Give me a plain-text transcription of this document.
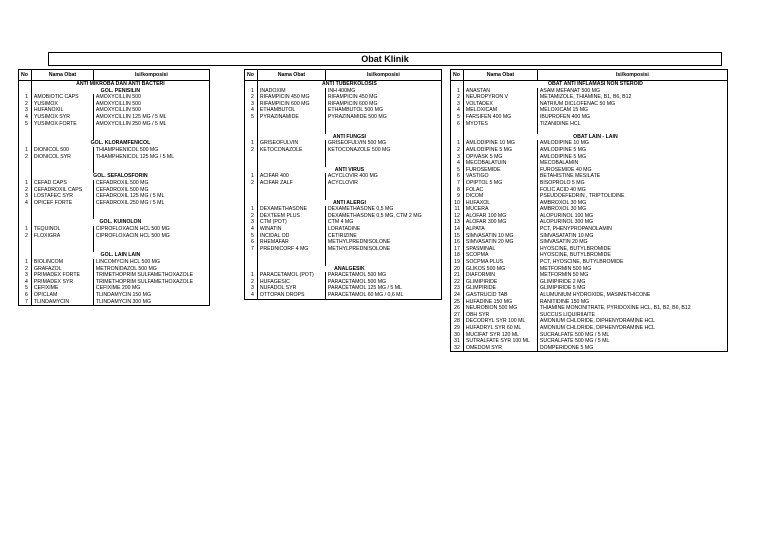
Obat Klinik
No	Nama Obat	Isi/komposisi
	ANTI MIKROBA DAN ANTI BACTERI	
	GOL. PENISILIN	
1	AMOBIOTIC CAPS	AMOXYCILLIN 500
2	YUSIMOX	AMOXYCILLIN 500
3	HUFANOXIL	AMOXYCILLIN 500
4	YUSIMOX SYR	AMOXYCILLIN 125 MG / 5 ML
5	YUSIMOX FORTE	AMOXYCILLIN 250 MG / 5 ML

	GOL. KLORAMFENICOL	
1	DIONICOL 500	THIAMPHENICOL 500 MG
2	DIONICOL SYR	THIAMPHENICOL 125 MG / 5 ML

	GOL. SEFALOSFORIN	
1	CEFAD CAPS	CEFADROXIL 500 MG
2	CEFADROXIL CAPS	CEFADROXIL 500 MG
3	LOSTAFEC SYR	CEFADROXIL 125 MG / 5 ML
4	OPICEF FORTE	CEFADROXIL 250 MG / 5 ML

	GOL. KUINOLON	
1	TEQUINOL	CIPROFLOXACIN HCL 500 MG
2	FLOXIGRA	CIPROFLOXACIN HCL 500 MG

	GOL. LAIN LAIN	
1	BIOLINCOM	LINCOMYCIN HCL 500 MG
2	GRAFAZOL	METRONIDAZOL 500 MG
3	PRIMADEX FORTE	TRIMETHOPRIM SULFAMETHOXAZOLE
4	PRIMADEX SYR	TRIMETHOPRIM SULFAMETHOXAZOLE
5	CEFIXIME	CEFIXIME 200 MG
6	OPICLAM	TLINDAMYCIN 150 MG
7	TLINDAMYCIN	TLINDAMYCIN 300 MG
No	Nama Obat	Isi/komposisi
	ANTI TUBERKOLOSIS	
1	INADOXIM	INH 400MG
2	RIFAMPICIN 450 MG	RIFAMPICIN 450 MG
3	RIFAMPICIN 600 MG	RIFAMPICIN 600 MG
4	ETHAMBUTOL	ETHAMBUTOL 500 MG
5	PYRAZINAMIDE	PYRAZINAMIDE 500 MG

	ANTI FUNGSI	
1	GRISEOFULVIN	GRISEOFULVIN 500 MG
2	KETOCONAZOLE	KETOCONAZOLE 500 MG

	ANTI VIRUS	
1	ACIFAR 400	ACYCLOVIR 400 MG
2	ACIFAR ZALF	ACYCLOVIR

	ANTI ALERGI	
1	DEXAMETHASONE	DEXAMETHASONE 0,5 MG
2	DEXTEEM PLUS	DEXAMETHASONE 0,5 MG, CTM 2 MG
3	CTM (POT)	CTM 4 MG
4	WINATIN	LORATADINE
5	INCIDAL OD	CETIRIZINE
6	RHEMAFAR	METHYLPREDNISOLONE
7	PREDNICORF 4 MG	METHYLPREDNISOLONE

	ANALGESIK	
1	PARACETAMOL (POT)	PARACETAMOL 500 MG
2	HUFAGESIC	PARACETAMOL 500 MG
3	NUFADOL SYR	PARACETAMOL 125 MG / 5 ML
4	OTTOPAN DROPS	PARACETAMOL 60 MG / 0,6 ML
No	Nama Obat	Isi/komposisi
	OBAT ANTI INFLAMASI NON STEROID	
1	ANASTAN	ASAM MEFANAT 500 MG
2	NEUROPYRON V	METAMIZOLE, THIAMINE, B1, B6, B12
3	VOLTADEX	NATRIUM DICLOFENAC 50 MG
4	MELOXICAM	MELOXICAM 15 MG
5	FARSIFEN 400 MG	IBUPROFEN 400 MG
6	MYOTES	TIZANIDINE HCL

	OBAT LAIN - LAIN	
1	AMLODIPINE 10 MG	AMLODIPINE 10 MG
2	AMLODIPINE 5 MG	AMLODIPINE 5 MG
3	OPIVASK 5 MG	AMLODIPINE 5 MG
4	MECOBALATUIN	MECOBALAMIN
5	FUROSEMIDE	FUROSEMIDE 40 MG
6	VASTIGO	BETAHISTINE MESILATE
7	OPIPTOL 5 MG	BISOPROLO 5 MG
8	FOLAC	FOLIC ACID 40 MG
9	DICOM	PSEUDOEFEDRIN , TRIPTOLIDINE
10	HUFAXOL	AMBROXOL 30 MG
11	MUCERA	AMBROXOL 30 MG
12	ALOFAR 100 MG	ALOPURINOL 100 MG
13	ALOFAR 300 MG	ALOPURINOL 300 MG
14	ALPATA	PCT, PHENYPROPANOLAMIN
15	SIMVASATIN 10 MG	SIMVASATATIN 10 MG
16	SIMVASATIN 20 MG	SIMVASATIN 20 MG
17	SPASMINAL	HYOSCINE, BUTYLBROMIDE
18	SCOPMA	HYOSCINE, BUTYLBROMIDE
19	SOCPMA PLUS	PCT, HYOSCINE, BUTYLBROMIDE
20	GLIKOS 500 MG	METFORMIN 500 MG
21	DIAFORMIN	METFORMIN 50 MG
22	GLIMIPIRIDE	GLIMIPIRIDE 2 MG
23	GLIMPIRIDE	GLIMIPIRIDE 5 MG
24	GASTRUCID TAB	ALUMUNIUM HYDROXIDE, MASIMETHICONE
25	HUFADINE 150 MG	RANITIDINE 150 MG
26	NEUROBION 500 MG	THIAMINE MONONITRATE, PYRIDOXINE HCL, B1, B2, B6, B12
27	OBH SYR	SUCCUS LIQUIRIIAITE
28	DECODRYL SYR 100 ML	AMONIUM CHLORIDE, DIPHENYDRAMINE HCL
29	HUFADRYL SYR 60 ML	AMONIUM CHLORIDE, DIPHENYDRAMINE HCL
30	MUCIFAT SYR 120 ML	SUCRALFATE 500 MG / 5 ML
31	SUTRALFATE SYR 100 ML	SUCRALFATE 500 MG / 5 ML
32	OMEDOM SYR	DOMPERIDONE 5 MG
